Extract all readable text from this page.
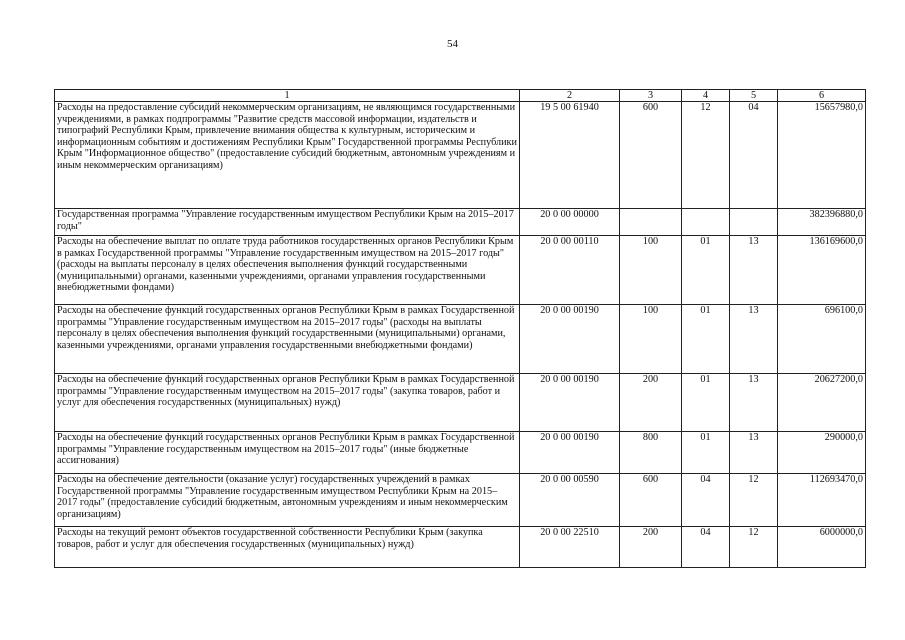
54
1	2	3	4	5	6
Расходы на предоставление субсидий некоммерческим организациям, не являющимся государственными учреждениями, в рамках подпрограммы "Развитие средств массовой информации, издательств и типографий Республики Крым, привлечение внимания общества к культурным, историческим и информационным событиям и достижениям Республики Крым" Государственной программы Республики Крым "Информационное общество" (предоставление субсидий бюджетным, автономным учреждениям и иным некоммерческим организациям)	19 5 00 61940	600	12	04	15657980,0
Государственная программа "Управление государственным имуществом Республики Крым на 2015–2017 годы"	20 0 00 00000				382396880,0
Расходы на обеспечение выплат по оплате труда работников государственных органов Республики Крым в рамках Государственной программы "Управление государственным имуществом на 2015–2017 годы" (расходы на выплаты персоналу в целях обеспечения выполнения функций государственными (муниципальными) органами, казенными учреждениями, органами управления государственными внебюджетными фондами)	20 0 00 00110	100	01	13	136169600,0
Расходы на обеспечение функций государственных органов Республики Крым в рамках Государственной программы "Управление государственным имуществом на 2015–2017 годы" (расходы на выплаты персоналу в целях обеспечения выполнения функций государственными (муниципальными) органами, казенными учреждениями, органами управления государственными внебюджетными фондами)	20 0 00 00190	100	01	13	696100,0
Расходы на обеспечение функций государственных органов Республики Крым в рамках Государственной программы "Управление государственным имуществом на 2015–2017 годы" (закупка товаров, работ и услуг для обеспечения государственных (муниципальных) нужд)	20 0 00 00190	200	01	13	20627200,0
Расходы на обеспечение функций государственных органов Республики Крым в рамках Государственной программы "Управление государственным имуществом на 2015–2017 годы" (иные бюджетные ассигнования)	20 0 00 00190	800	01	13	290000,0
Расходы на обеспечение деятельности (оказание услуг) государственных учреждений в рамках Государственной программы "Управление государственным имуществом Республики Крым на 2015–2017 годы" (предоставление субсидий бюджетным, автономным учреждениям и иным некоммерческим организациям)	20 0 00 00590	600	04	12	112693470,0
Расходы на текущий ремонт объектов государственной собственности Республики Крым (закупка товаров, работ и услуг для обеспечения государственных (муниципальных) нужд)	20 0 00 22510	200	04	12	6000000,0
